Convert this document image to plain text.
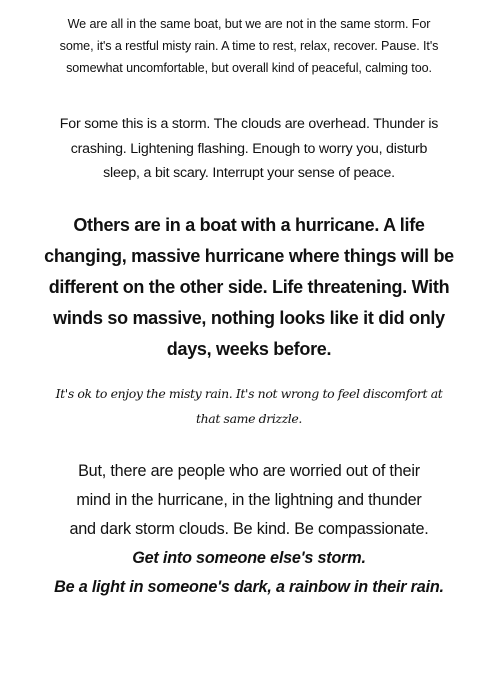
We are all in the same boat, but we are not in the same storm. For
some, it's a restful misty rain. A time to rest, relax, recover. Pause. It's
somewhat uncomfortable, but overall kind of peaceful, calming too.

For some this is a storm. The clouds are overhead. Thunder is
crashing. Lightening flashing. Enough to worry you, disturb
sleep, a bit scary. Interrupt your sense of peace.

Others are in a boat with a hurricane. A life
changing, massive hurricane where things will be
different on the other side. Life threatening. With
winds so massive, nothing looks like it did only
days, weeks before.

It's ok to enjoy the misty rain. It's not wrong to feel discomfort at
that same drizzle.

But, there are people who are worried out of their
mind in the hurricane, in the lightning and thunder
and dark storm clouds. Be kind. Be compassionate.
Get into someone else's storm.
Be a light in someone's dark, a rainbow in their rain.
